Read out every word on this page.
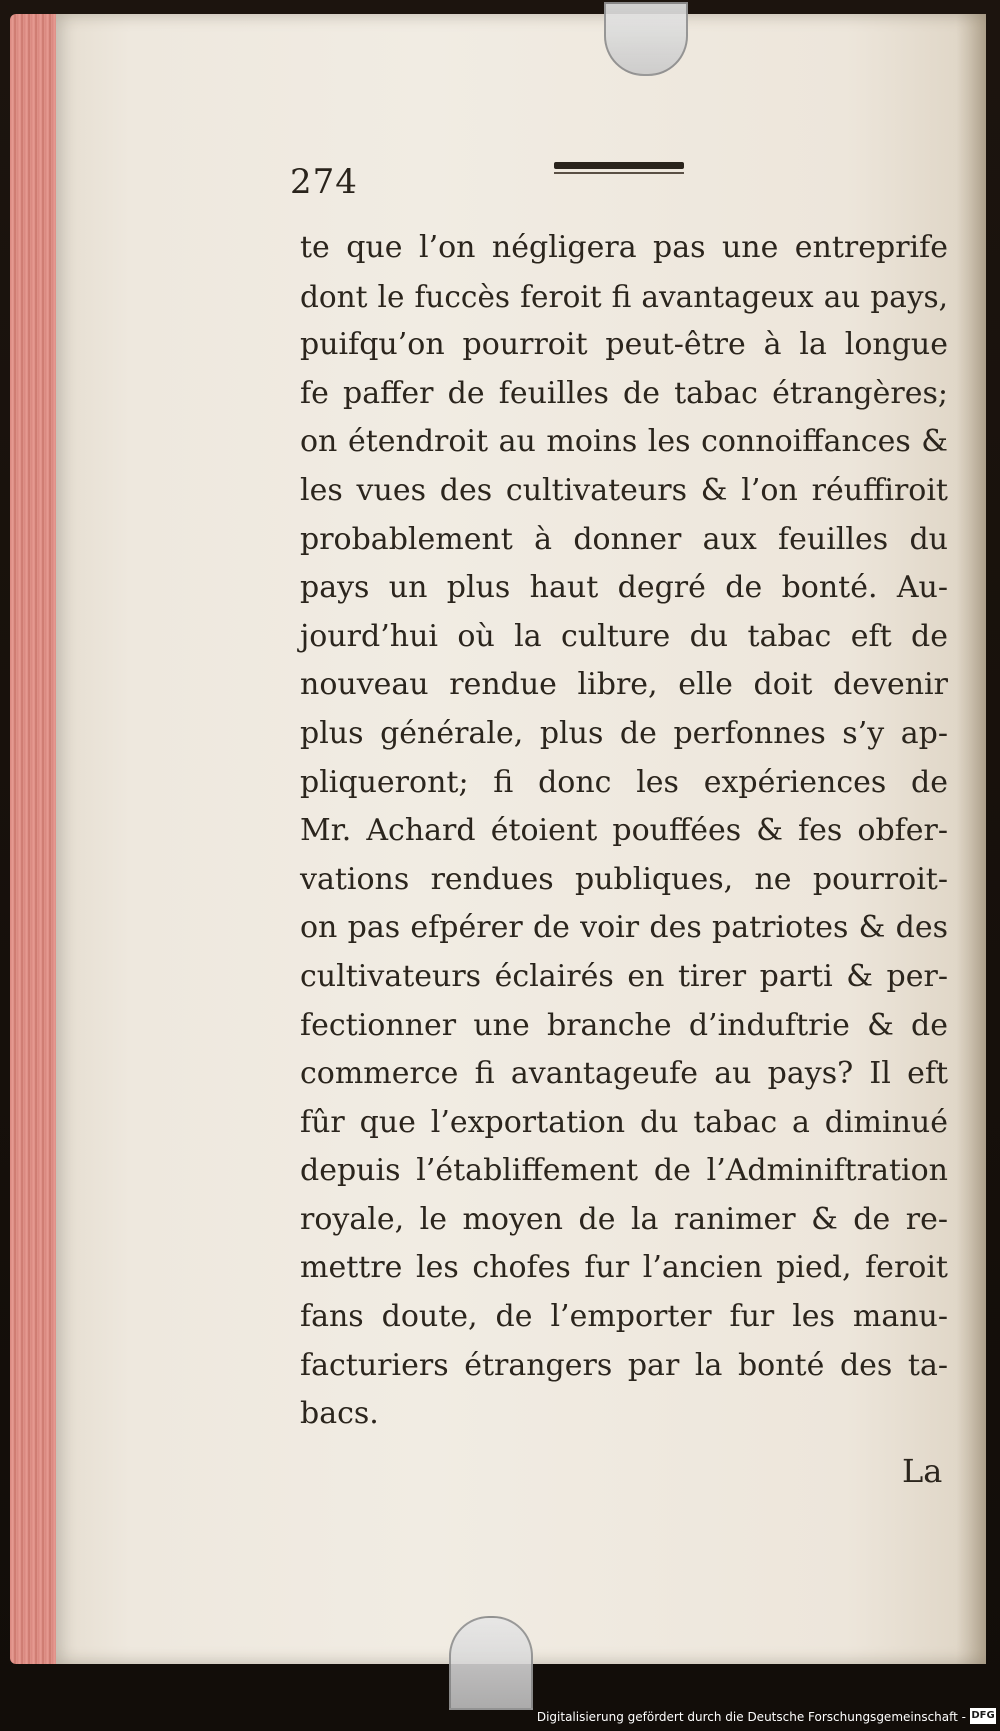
274
te que l’on négligera pas une entreprife
dont le fuccès feroit fi avantageux au pays,
puifqu’on pourroit peut-être à la longue
fe paffer de feuilles de tabac étrangères;
on étendroit au moins les connoiffances &
les vues des cultivateurs & l’on réuffiroit
probablement à donner aux feuilles du
pays un plus haut degré de bonté. Au-
jourd’hui où la culture du tabac eft de
nouveau rendue libre, elle doit devenir
plus générale, plus de perfonnes s’y ap-
pliqueront; fi donc les expériences de
Mr. Achard étoient pouffées & fes obfer-
vations rendues publiques, ne pourroit-
on pas efpérer de voir des patriotes & des
cultivateurs éclairés en tirer parti & per-
fectionner une branche d’induftrie & de
commerce fi avantageufe au pays? Il eft
fûr que l’exportation du tabac a diminué
depuis l’établiffement de l’Adminiftration
royale, le moyen de la ranimer & de re-
mettre les chofes fur l’ancien pied, feroit
fans doute, de l’emporter fur les manu-
facturiers étrangers par la bonté des ta-
bacs.
La
Digitalisierung gefördert durch die Deutsche Forschungsgemeinschaft - DFG
